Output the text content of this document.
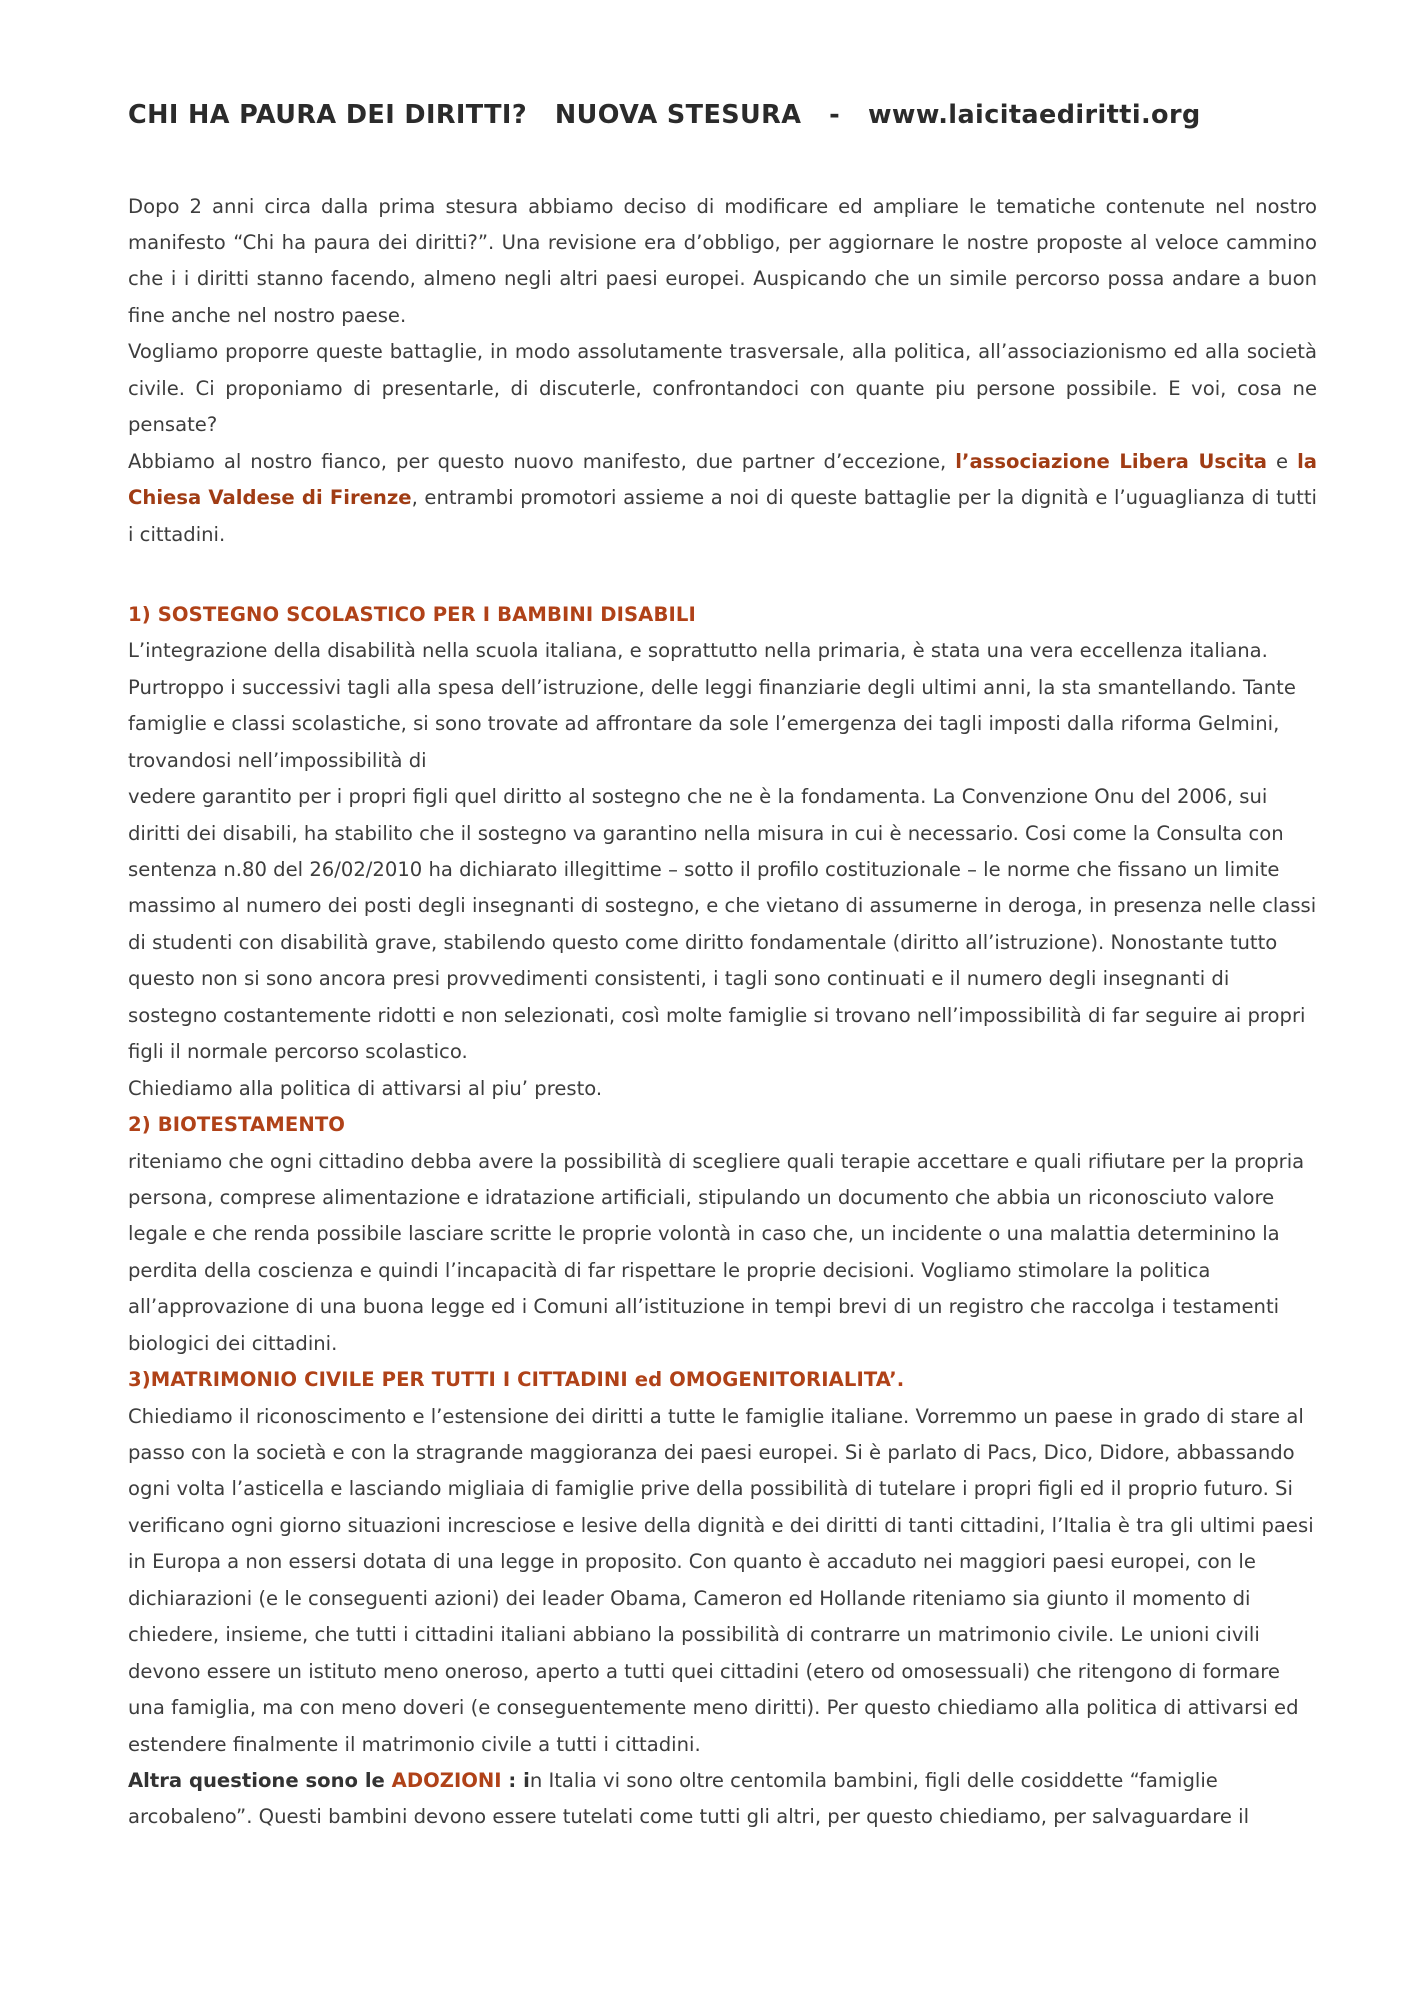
CHI HA PAURA DEI DIRITTI?   NUOVA STESURA   -   www.laicitaediritti.org

Dopo 2 anni circa dalla prima stesura abbiamo deciso di modificare ed ampliare le tematiche contenute nel nostro manifesto “Chi ha paura dei diritti?”. Una revisione era d’obbligo, per aggiornare le nostre proposte al veloce cammino che i i diritti stanno facendo, almeno negli altri paesi europei. Auspicando che un simile percorso possa andare a buon fine anche nel nostro paese.

Vogliamo proporre queste battaglie, in modo assolutamente trasversale, alla politica, all’associazionismo ed alla società civile. Ci proponiamo di presentarle, di discuterle, confrontandoci con quante piu persone possibile. E voi, cosa ne pensate?

Abbiamo al nostro fianco, per questo nuovo manifesto, due partner d’eccezione, l’associazione Libera Uscita e la Chiesa Valdese di Firenze, entrambi promotori assieme a noi di queste battaglie per la dignità e l’uguaglianza di tutti i cittadini.

1) SOSTEGNO SCOLASTICO PER I BAMBINI DISABILI

L’integrazione della disabilità nella scuola italiana, e soprattutto nella primaria, è stata una vera eccellenza italiana. Purtroppo i successivi tagli alla spesa dell’istruzione, delle leggi finanziarie degli ultimi anni, la sta smantellando. Tante famiglie e classi scolastiche, si sono trovate ad affrontare da sole l’emergenza dei tagli imposti dalla riforma Gelmini, trovandosi nell’impossibilità di

vedere garantito per i propri figli quel diritto al sostegno che ne è la fondamenta. La Convenzione Onu del 2006, sui diritti dei disabili, ha stabilito che il sostegno va garantino nella misura in cui è necessario. Cosi come la Consulta con sentenza n.80 del 26/02/2010 ha dichiarato illegittime – sotto il profilo costituzionale – le norme che fissano un limite massimo al numero dei posti degli insegnanti di sostegno, e che vietano di assumerne in deroga, in presenza nelle classi di studenti con disabilità grave, stabilendo questo come diritto fondamentale (diritto all’istruzione). Nonostante tutto questo non si sono ancora presi provvedimenti consistenti, i tagli sono continuati e il numero degli insegnanti di sostegno costantemente ridotti e non selezionati, così molte famiglie si trovano nell’impossibilità di far seguire ai propri figli il normale percorso scolastico.

Chiediamo alla politica di attivarsi al piu’ presto.

2) BIOTESTAMENTO

riteniamo che ogni cittadino debba avere la possibilità di scegliere quali terapie accettare e quali rifiutare per la propria persona, comprese alimentazione e idratazione artificiali, stipulando un documento che abbia un riconosciuto valore legale e che renda possibile lasciare scritte le proprie volontà in caso che, un incidente o una malattia determinino la perdita della coscienza e quindi l’incapacità di far rispettare le proprie decisioni. Vogliamo stimolare la politica all’approvazione di una buona legge ed i Comuni all’istituzione in tempi brevi di un registro che raccolga i testamenti biologici dei cittadini.

3)MATRIMONIO CIVILE PER TUTTI I CITTADINI ed OMOGENITORIALITA’.

Chiediamo il riconoscimento e l’estensione dei diritti a tutte le famiglie italiane. Vorremmo un paese in grado di stare al passo con la società e con la stragrande maggioranza dei paesi europei. Si è parlato di Pacs, Dico, Didore, abbassando ogni volta l’asticella e lasciando migliaia di famiglie prive della possibilità di tutelare i propri figli ed il proprio futuro. Si verificano ogni giorno situazioni incresciose e lesive della dignità e dei diritti di tanti cittadini, l’Italia è tra gli ultimi paesi in Europa a non essersi dotata di una legge in proposito. Con quanto è accaduto nei maggiori paesi europei, con le dichiarazioni (e le conseguenti azioni) dei leader Obama, Cameron ed Hollande riteniamo sia giunto il momento di chiedere, insieme, che tutti i cittadini italiani abbiano la possibilità di contrarre un matrimonio civile. Le unioni civili devono essere un istituto meno oneroso, aperto a tutti quei cittadini (etero od omosessuali) che ritengono di formare una famiglia, ma con meno doveri (e conseguentemente meno diritti). Per questo chiediamo alla politica di attivarsi ed estendere finalmente il matrimonio civile a tutti i cittadini.

Altra questione sono le ADOZIONI : in Italia vi sono oltre centomila bambini, figli delle cosiddette “famiglie arcobaleno”. Questi bambini devono essere tutelati come tutti gli altri, per questo chiediamo, per salvaguardare il
